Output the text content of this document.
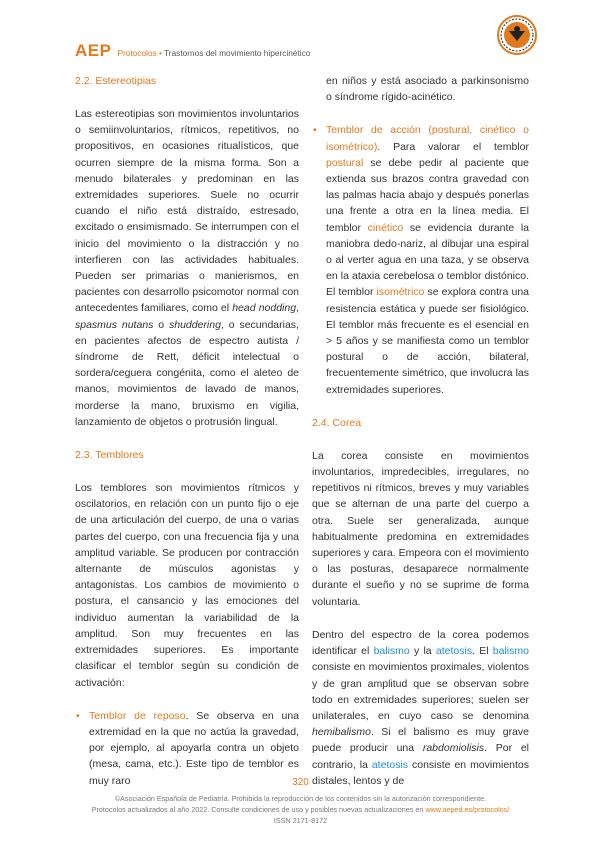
AEP Protocolos • Trastornos del movimiento hipercinético
2.2. Estereotipias

Las estereotipias son movimientos involuntarios o semiinvoluntarios, rítmicos, repetitivos, no propositivos, en ocasiones ritualísticos, que ocurren siempre de la misma forma. Son a menudo bilaterales y predominan en las extremidades superiores. Suele no ocurrir cuando el niño está distraído, estresado, excitado o ensimismado. Se interrumpen con el inicio del movimiento o la distracción y no interfieren con las actividades habituales. Pueden ser primarias o manierismos, en pacientes con desarrollo psicomotor normal con antecedentes familiares, como el head nodding, spasmus nutans o shuddering, o secundarias, en pacientes afectos de espectro autista / síndrome de Rett, déficit intelectual o sordera/ceguera congénita, como el aleteo de manos, movimientos de lavado de manos, morderse la mano, bruxismo en vigilia, lanzamiento de objetos o protrusión lingual.

2.3. Temblores

Los temblores son movimientos rítmicos y oscilatorios, en relación con un punto fijo o eje de una articulación del cuerpo, de una o varias partes del cuerpo, con una frecuencia fija y una amplitud variable. Se producen por contracción alternante de músculos agonistas y antagonistas. Los cambios de movimiento o postura, el cansancio y las emociones del individuo aumentan la variabilidad de la amplitud. Son muy frecuentes en las extremidades superiores. Es importante clasificar el temblor según su condición de activación:

• Temblor de reposo. Se observa en una extremidad en la que no actúa la gravedad, por ejemplo, al apoyarla contra un objeto (mesa, cama, etc.). Este tipo de temblor es muy raro

en niños y está asociado a parkinsonismo o síndrome rígido-acinético.

• Temblor de acción (postural, cinético o isométrico). Para valorar el temblor postural se debe pedir al paciente que extienda sus brazos contra gravedad con las palmas hacia abajo y después ponerlas una frente a otra en la línea media. El temblor cinético se evidencia durante la maniobra dedo-nariz, al dibujar una espiral o al verter agua en una taza, y se observa en la ataxia cerebelosa o temblor distónico. El temblor isométrico se explora contra una resistencia estática y puede ser fisiológico. El temblor más frecuente es el esencial en > 5 años y se manifiesta como un temblor postural o de acción, bilateral, frecuentemente simétrico, que involucra las extremidades superiores.

2.4. Corea

La corea consiste en movimientos involuntarios, impredecibles, irregulares, no repetitivos ni rítmicos, breves y muy variables que se alternan de una parte del cuerpo a otra. Suele ser generalizada, aunque habitualmente predomina en extremidades superiores y cara. Empeora con el movimiento o las posturas, desaparece normalmente durante el sueño y no se suprime de forma voluntaria.

Dentro del espectro de la corea podemos identificar el balismo y la atetosis. El balismo consiste en movimientos proximales, violentos y de gran amplitud que se observan sobre todo en extremidades superiores; suelen ser unilaterales, en cuyo caso se denomina hemibalismo. Si el balismo es muy grave puede producir una rabdomiolisis. Por el contrario, la atetosis consiste en movimientos distales, lentos y de

320
©Asociación Española de Pediatría. Prohibida la reproducción de los contenidos sin la autorización correspondiente.
Protocolos actualizados al año 2022. Consulte condiciones de uso y posibles nuevas actualizaciones en www.aeped.es/protocolos/
ISSN 2171-8172
